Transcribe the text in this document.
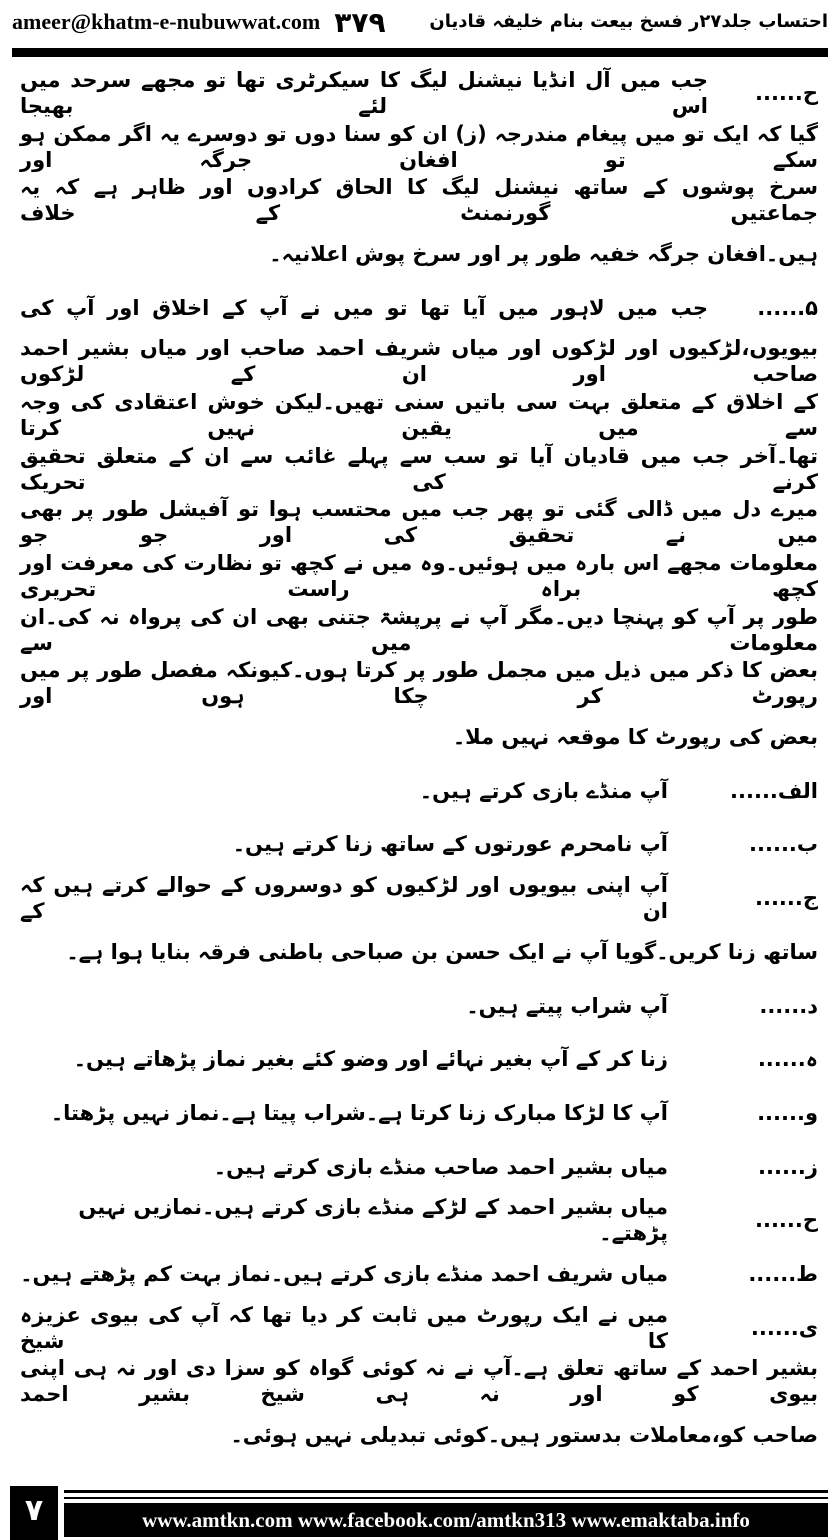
ameer@khatm-e-nubuwwat.com ۳۷۹	احتساب جلد۲۷ر فسخ بیعت بنام خلیفہ قادیان
ح......
جب میں آل انڈیا نیشنل لیگ کا سیکرٹری تھا تو مجھے سرحد میں اس لئے بھیجا
گیا کہ ایک تو میں پیغام مندرجہ (ز) ان کو سنا دوں تو دوسرے یہ اگر ممکن ہو سکے تو افغان جرگہ اور
سرخ پوشوں کے ساتھ نیشنل لیگ کا الحاق کرادوں اور ظاہر ہے کہ یہ جماعتیں گورنمنٹ کے خلاف
ہیں۔افغان جرگہ خفیہ طور پر اور سرخ پوش اعلانیہ۔
۵......
جب میں لاہور میں آیا تھا تو میں نے آپ کے اخلاق اور آپ کی
بیویوں،لڑکیوں اور لڑکوں اور میاں شریف احمد صاحب اور میاں بشیر احمد صاحب اور ان کے لڑکوں
کے اخلاق کے متعلق بہت سی باتیں سنی تھیں۔لیکن خوش اعتقادی کی وجہ سے میں یقین نہیں کرتا
تھا۔آخر جب میں قادیان آیا تو سب سے پہلے غائب سے ان کے متعلق تحقیق کرنے کی تحریک
میرے دل میں ڈالی گئی تو پھر جب میں محتسب ہوا تو آفیشل طور پر بھی میں نے تحقیق کی اور جو جو
معلومات مجھے اس بارہ میں ہوئیں۔وہ میں نے کچھ تو نظارت کی معرفت اور کچھ براہ راست تحریری
طور پر آپ کو پہنچا دیں۔مگر آپ نے پرپشۃ جتنی بھی ان کی پرواہ نہ کی۔ان معلومات میں سے
بعض کا ذکر میں ذیل میں مجمل طور پر کرتا ہوں۔کیونکہ مفصل طور پر میں رپورٹ کر چکا ہوں اور
بعض کی رپورٹ کا موقعہ نہیں ملا۔
الف......
آپ منڈے بازی کرتے ہیں۔
ب......
آپ نامحرم عورتوں کے ساتھ زنا کرتے ہیں۔
ج......
آپ اپنی بیویوں اور لڑکیوں کو دوسروں کے حوالے کرتے ہیں کہ ان کے
ساتھ زنا کریں۔گویا آپ نے ایک حسن بن صباحی باطنی فرقہ بنایا ہوا ہے۔
د......
آپ شراب پیتے ہیں۔
ہ......
زنا کر کے آپ بغیر نہائے اور وضو کئے بغیر نماز پڑھاتے ہیں۔
و......
آپ کا لڑکا مبارک زنا کرتا ہے۔شراب پیتا ہے۔نماز نہیں پڑھتا۔
ز......
میاں بشیر احمد صاحب منڈے بازی کرتے ہیں۔
ح......
میاں بشیر احمد کے لڑکے منڈے بازی کرتے ہیں۔نمازیں نہیں پڑھتے۔
ط......
میاں شریف احمد منڈے بازی کرتے ہیں۔نماز بہت کم پڑھتے ہیں۔
ی......
میں نے ایک رپورٹ میں ثابت کر دیا تھا کہ آپ کی بیوی عزیزہ کا شیخ
بشیر احمد کے ساتھ تعلق ہے۔آپ نے نہ کوئی گواہ کو سزا دی اور نہ ہی اپنی بیوی کو اور نہ ہی شیخ بشیر احمد
صاحب کو،معاملات بدستور ہیں۔کوئی تبدیلی نہیں ہوئی۔
۷	www.amtkn.com www.facebook.com/amtkn313 www.emaktaba.info
